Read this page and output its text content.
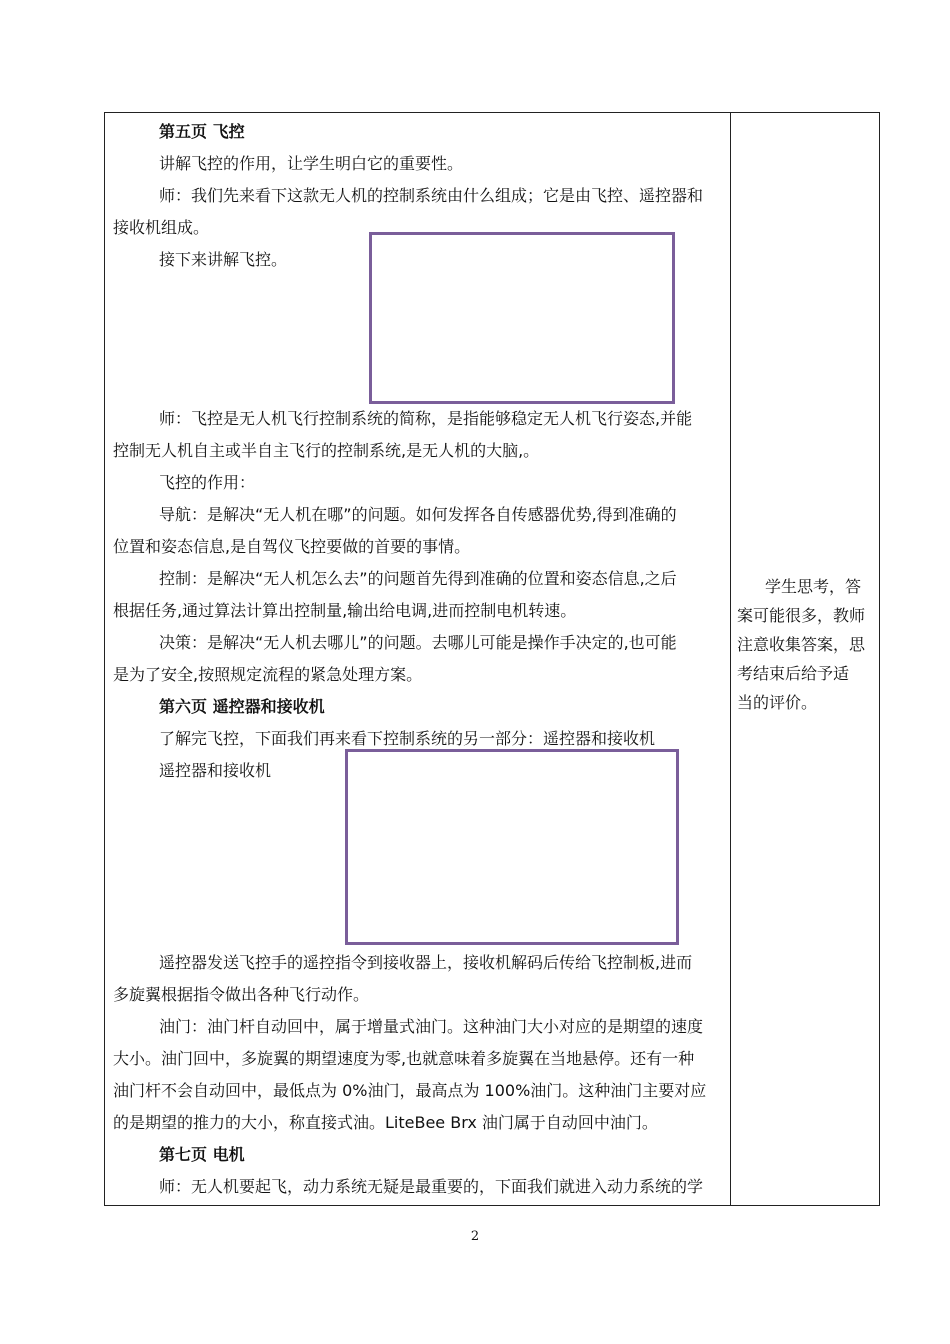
第五页 飞控
讲解飞控的作用，让学生明白它的重要性。
师：我们先来看下这款无人机的控制系统由什么组成；它是由飞控、遥控器和
接收机组成。
接下来讲解飞控。
师：飞控是无人机飞行控制系统的简称，是指能够稳定无人机飞行姿态,并能
控制无人机自主或半自主飞行的控制系统,是无人机的大脑,。
飞控的作用：
导航：是解决“无人机在哪”的问题。如何发挥各自传感器优势,得到准确的
位置和姿态信息,是自驾仪飞控要做的首要的事情。
控制：是解决“无人机怎么去”的问题首先得到准确的位置和姿态信息,之后
根据任务,通过算法计算出控制量,输出给电调,进而控制电机转速。
决策：是解决“无人机去哪儿”的问题。去哪儿可能是操作手决定的,也可能
是为了安全,按照规定流程的紧急处理方案。
第六页 遥控器和接收机
了解完飞控，下面我们再来看下控制系统的另一部分：遥控器和接收机
遥控器和接收机
遥控器发送飞控手的遥控指令到接收器上，接收机解码后传给飞控制板,进而
多旋翼根据指令做出各种飞行动作。
油门：油门杆自动回中，属于增量式油门。这种油门大小对应的是期望的速度
大小。油门回中，多旋翼的期望速度为零,也就意味着多旋翼在当地悬停。还有一种
油门杆不会自动回中，最低点为 0%油门，最高点为 100%油门。这种油门主要对应
的是期望的推力的大小，称直接式油。LiteBee Brx 油门属于自动回中油门。
第七页 电机
师：无人机要起飞，动力系统无疑是最重要的，下面我们就进入动力系统的学
学生思考，答
案可能很多，教师
注意收集答案，思
考结束后给予适
当的评价。
2
